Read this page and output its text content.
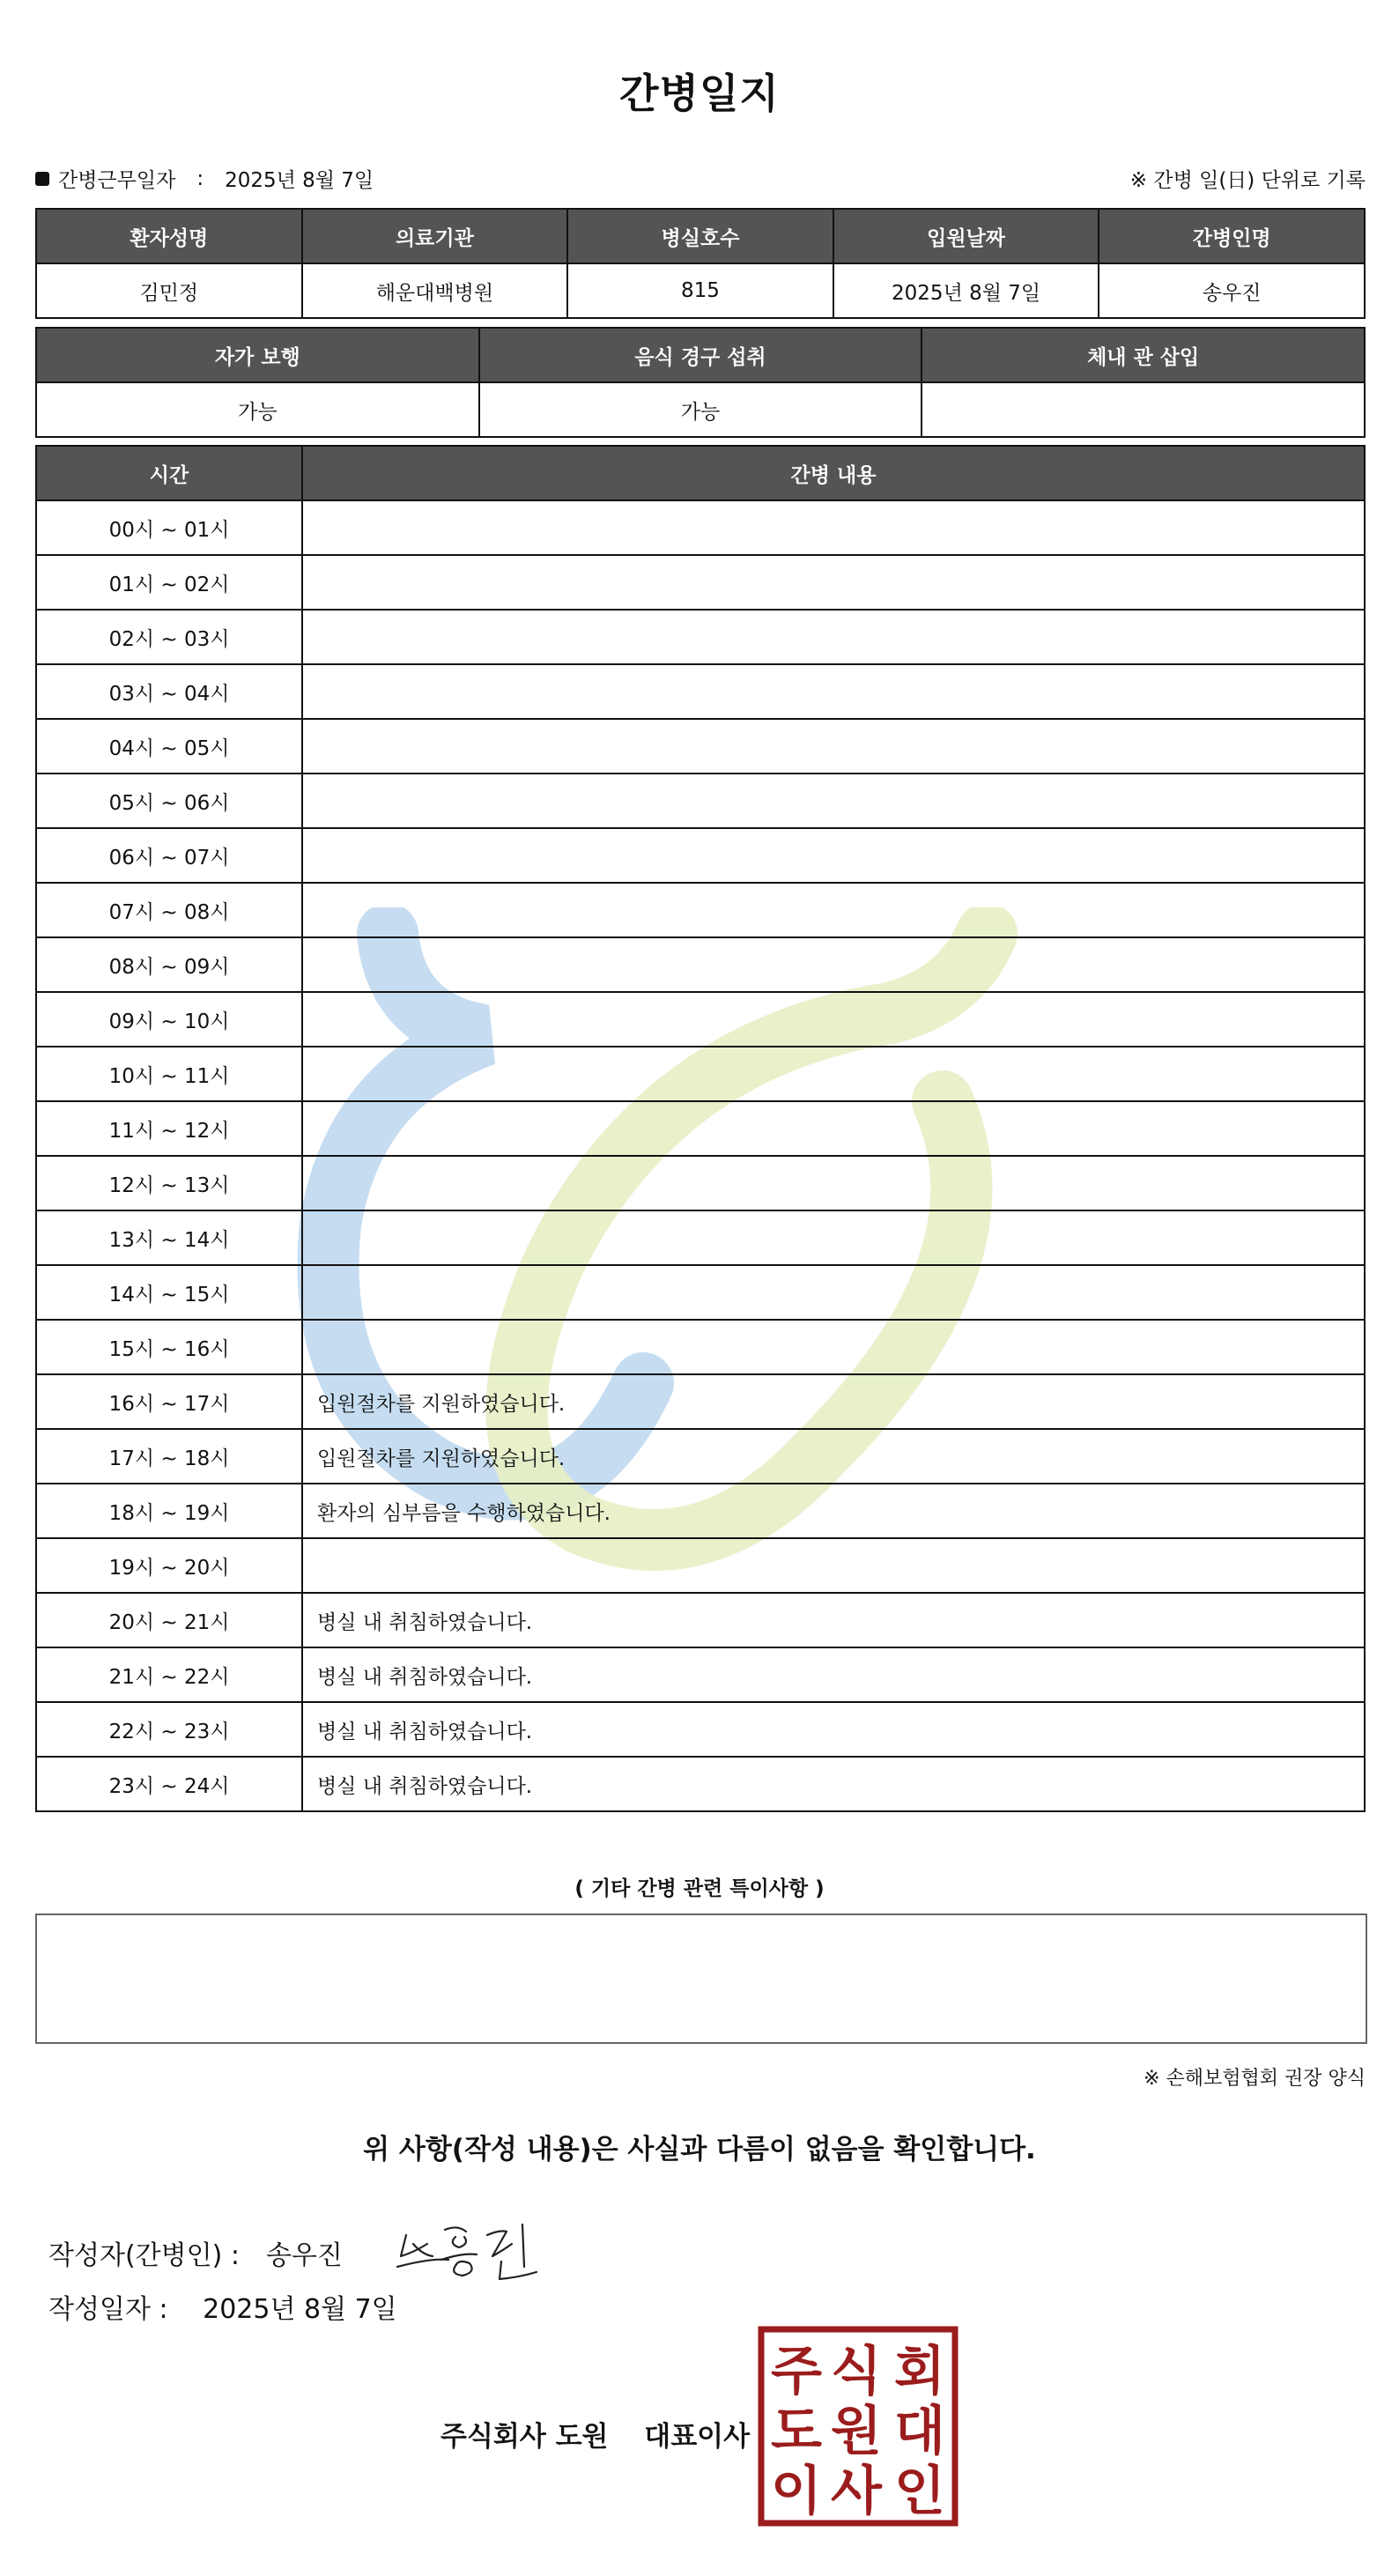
간병일지
간병근무일자 : 2025년 8월 7일	※ 간병 일(日) 단위로 기록
환자성명	의료기관	병실호수	입원날짜	간병인명
김민정	해운대백병원	815	2025년 8월 7일	송우진
자가 보행	음식 경구 섭취	체내 관 삽입
가능	가능	
시간	간병 내용
00시 ~ 01시	
01시 ~ 02시	
02시 ~ 03시	
03시 ~ 04시	
04시 ~ 05시	
05시 ~ 06시	
06시 ~ 07시	
07시 ~ 08시	
08시 ~ 09시	
09시 ~ 10시	
10시 ~ 11시	
11시 ~ 12시	
12시 ~ 13시	
13시 ~ 14시	
14시 ~ 15시	
15시 ~ 16시	
16시 ~ 17시	입원절차를 지원하였습니다.
17시 ~ 18시	입원절차를 지원하였습니다.
18시 ~ 19시	환자의 심부름을 수행하였습니다.
19시 ~ 20시	
20시 ~ 21시	병실 내 취침하였습니다.
21시 ~ 22시	병실 내 취침하였습니다.
22시 ~ 23시	병실 내 취침하였습니다.
23시 ~ 24시	병실 내 취침하였습니다.
( 기타 간병 관련 특이사항 )
※ 손해보험협회 권장 양식
위 사항(작성 내용)은 사실과 다름이 없음을 확인합니다.
작성자(간병인) : 송우진
작성일자 : 2025년 8월 7일
주식회사 도원 대표이사
주 식 회
도 원 대
이 사 인
